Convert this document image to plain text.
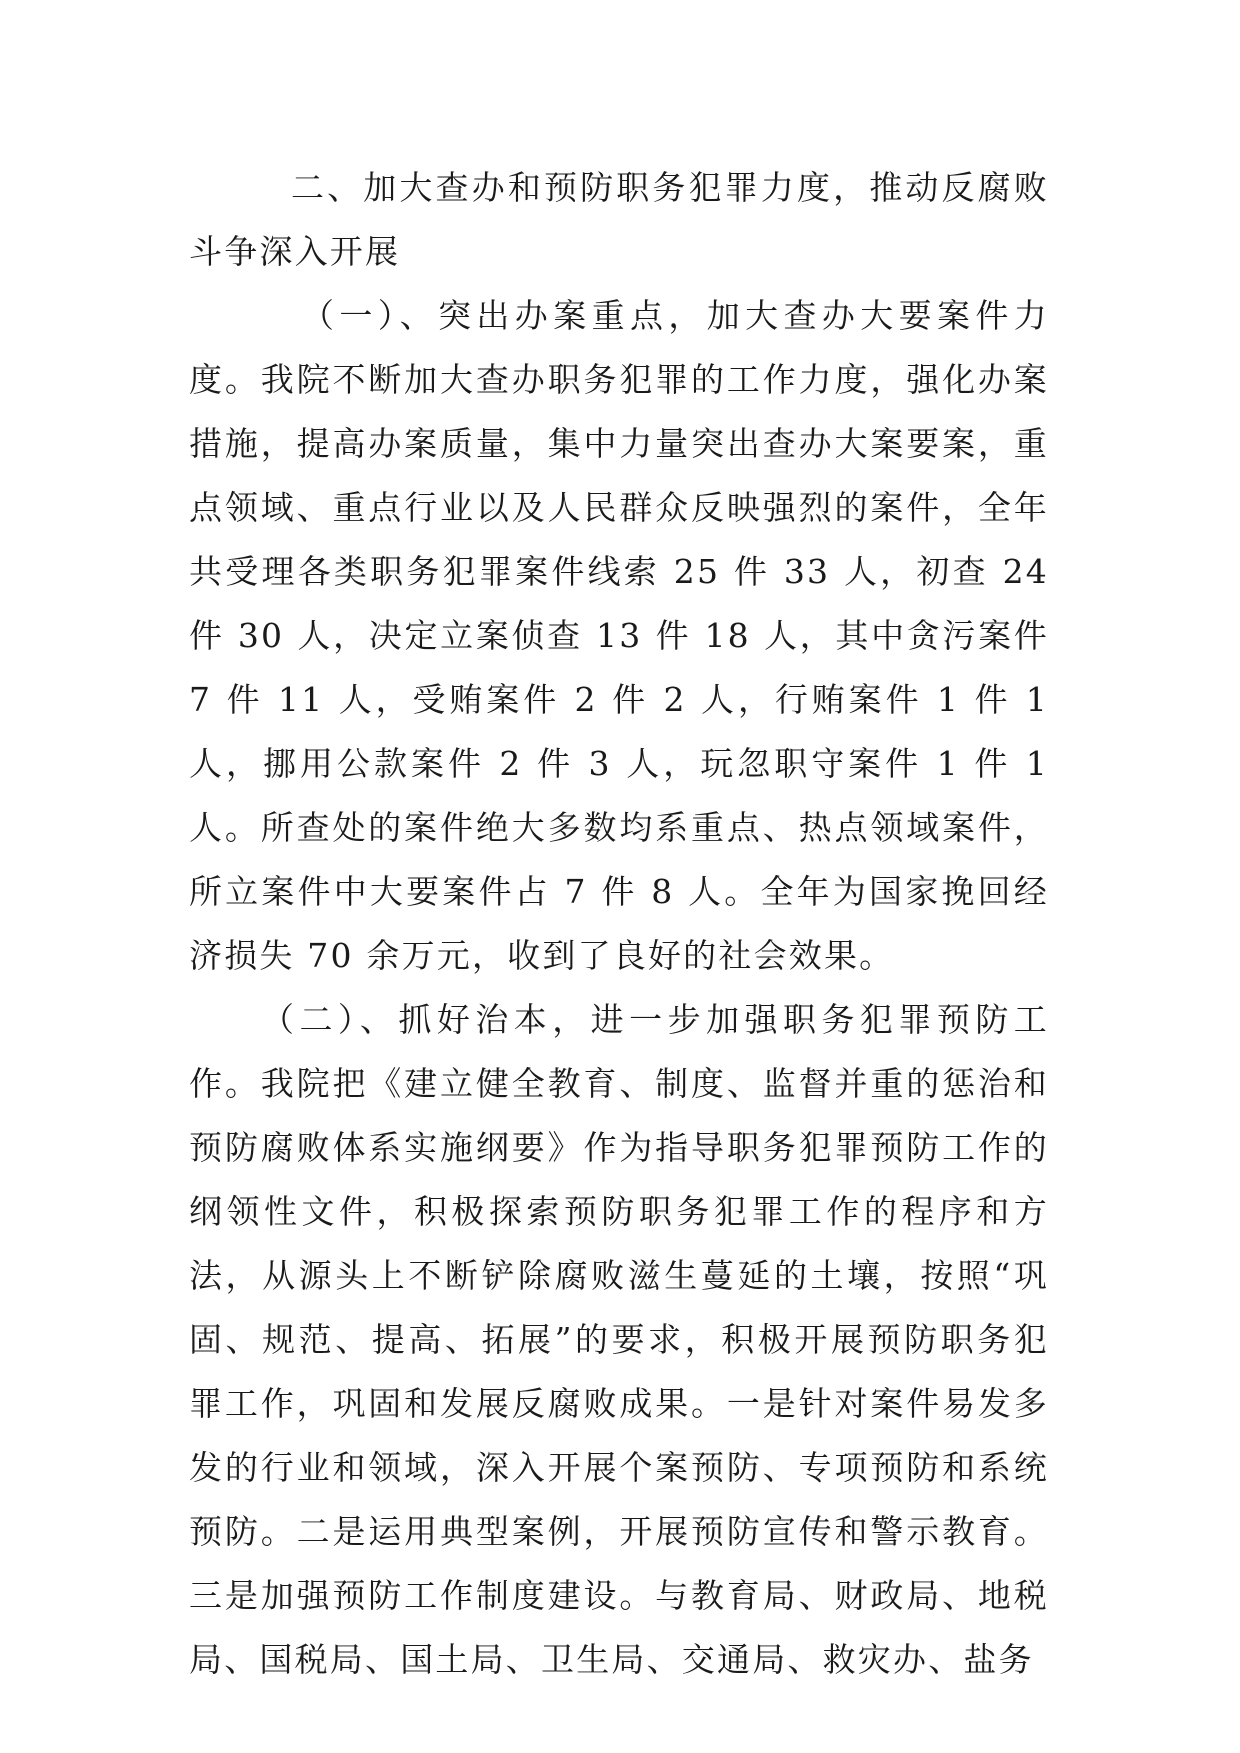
二、加大查办和预防职务犯罪力度，推动反腐败斗争深入开展

（一）、突出办案重点，加大查办大要案件力度。我院不断加大查办职务犯罪的工作力度，强化办案措施，提高办案质量，集中力量突出查办大案要案，重点领域、重点行业以及人民群众反映强烈的案件，全年共受理各类职务犯罪案件线索 25 件 33 人，初查 24 件 30 人，决定立案侦查 13 件 18 人，其中贪污案件 7 件 11 人，受贿案件 2 件 2 人，行贿案件 1 件 1 人，挪用公款案件 2 件 3 人，玩忽职守案件 1 件 1 人。所查处的案件绝大多数均系重点、热点领域案件，所立案件中大要案件占 7 件 8 人。全年为国家挽回经济损失 70 余万元，收到了良好的社会效果。

（二）、抓好治本，进一步加强职务犯罪预防工作。我院把《建立健全教育、制度、监督并重的惩治和预防腐败体系实施纲要》作为指导职务犯罪预防工作的纲领性文件，积极探索预防职务犯罪工作的程序和方法，从源头上不断铲除腐败滋生蔓延的土壤，按照“巩固、规范、提高、拓展”的要求，积极开展预防职务犯罪工作，巩固和发展反腐败成果。一是针对案件易发多发的行业和领域，深入开展个案预防、专项预防和系统预防。二是运用典型案例，开展预防宣传和警示教育。三是加强预防工作制度建设。与教育局、财政局、地税局、国税局、国土局、卫生局、交通局、救灾办、盐务
